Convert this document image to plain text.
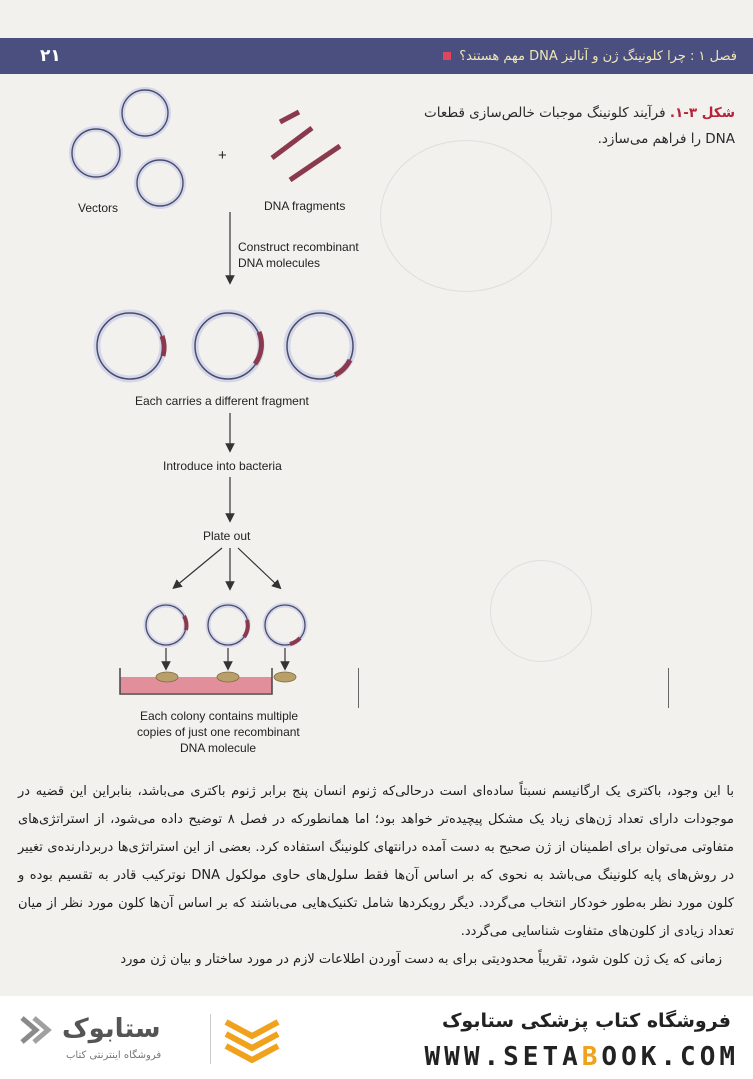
۲۱	فصل ۱ : چرا کلونینگ ژن و آنالیز DNA مهم هستند؟
Vectors
+
DNA fragments
Construct recombinant
DNA molecules
Each carries a different fragment
Introduce into bacteria
Plate out
Each colony contains multiple
copies of just one recombinant
DNA molecule
شکل ۳-۱. فرآیند کلونینگ موجبات خالص‌سازی قطعات DNA را فراهم می‌سازد.

با این وجود، باکتری یک ارگانیسم نسبتاً ساده‌ای است درحالی‌که ژنوم انسان پنج برابر ژنوم باکتری می‌باشد، بنابراین این قضیه در موجودات دارای تعداد ژن‌های زیاد یک مشکل پیچیده‌تر خواهد بود؛ اما همانطورکه در فصل ۸ توضیح داده می‌شود، از استراتژی‌های متفاوتی می‌توان برای اطمینان از ژن صحیح به دست آمده درانتهای کلونینگ استفاده کرد. بعضی از این استراتژی‌ها دربردارنده‌ی تغییر در روش‌های پایه کلونینگ می‌باشد به نحوی که بر اساس آن‌ها فقط سلول‌های حاوی مولکول DNA نوترکیب قادر به تقسیم بوده و کلون مورد نظر به‌طور خودکار انتخاب می‌گردد. دیگر رویکردها شامل تکنیک‌هایی می‌باشند که بر اساس آن‌ها کلون مورد نظر از میان تعداد زیادی از کلون‌های متفاوت شناسایی می‌گردد.

زمانی که یک ژن کلون شود، تقریباً محدودیتی برای به دست آوردن اطلاعات لازم در مورد ساختار و بیان ژن مورد

ستابوک
فروشگاه اینترنتی کتاب
فروشگاه کتاب پزشکی ستابوک
WWW.SETABOOK.COM
